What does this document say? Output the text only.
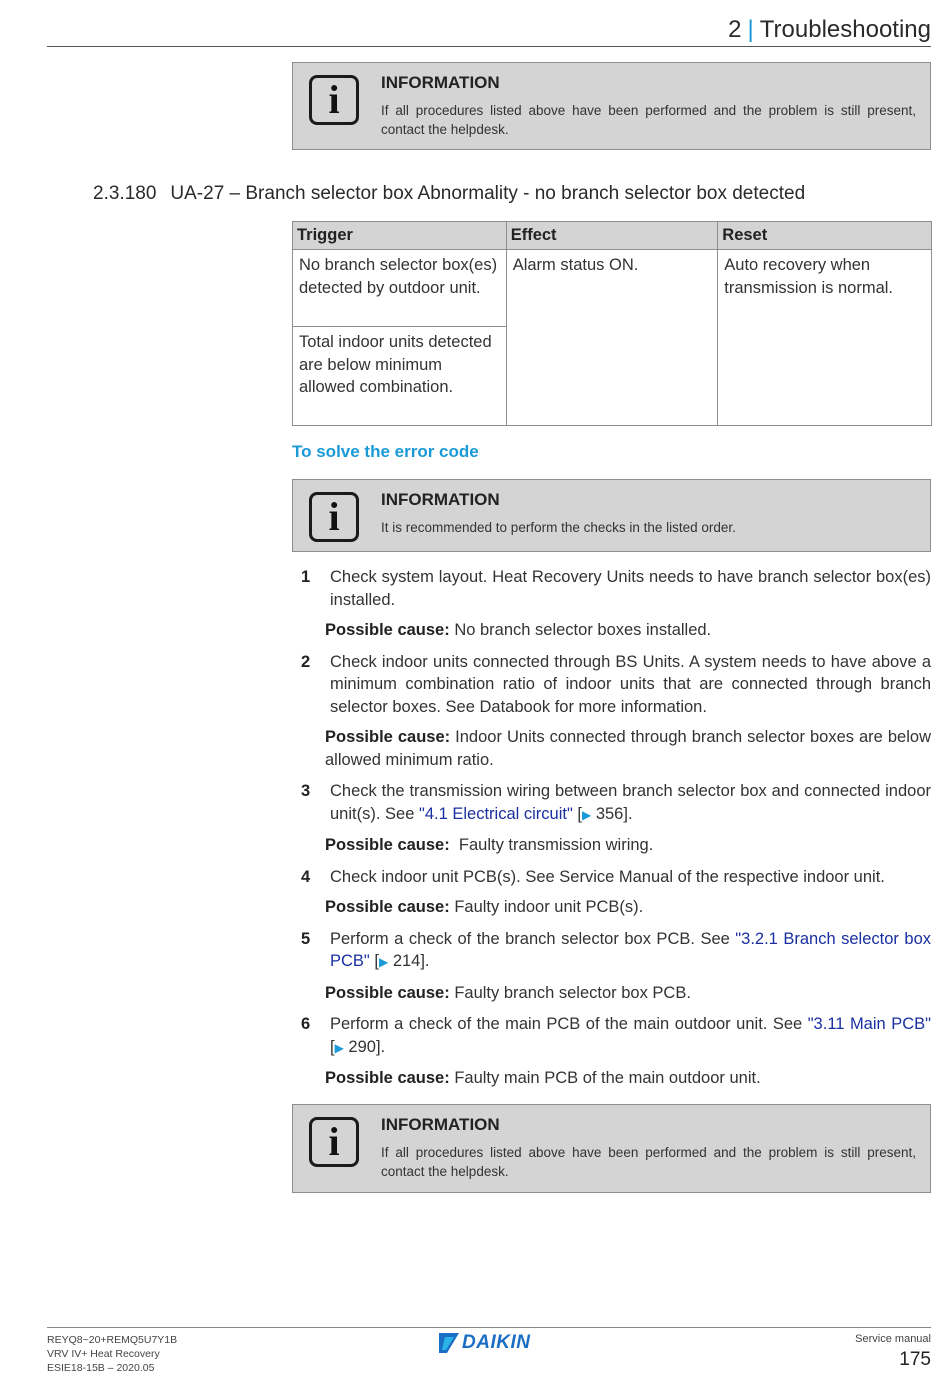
2 | Troubleshooting
i	INFORMATION
If all procedures listed above have been performed and the problem is still present, contact the helpdesk.
2.3.180 UA-27 – Branch selector box Abnormality - no branch selector box detected
Trigger	Effect	Reset
No branch selector box(es) detected by outdoor unit.	Alarm status ON.	Auto recovery when transmission is normal.
Total indoor units detected are below minimum allowed combination.		
To solve the error code
i	INFORMATION
It is recommended to perform the checks in the listed order.
1 Check system layout. Heat Recovery Units needs to have branch selector box(es) installed.
Possible cause: No branch selector boxes installed.
2 Check indoor units connected through BS Units. A system needs to have above a minimum combination ratio of indoor units that are connected through branch selector boxes. See Databook for more information.
Possible cause: Indoor Units connected through branch selector boxes are below allowed minimum ratio.
3 Check the transmission wiring between branch selector box and connected indoor unit(s). See "4.1 Electrical circuit" [▶ 356].
Possible cause: Faulty transmission wiring.
4 Check indoor unit PCB(s). See Service Manual of the respective indoor unit.
Possible cause: Faulty indoor unit PCB(s).
5 Perform a check of the branch selector box PCB. See "3.2.1 Branch selector box PCB" [▶ 214].
Possible cause: Faulty branch selector box PCB.
6 Perform a check of the main PCB of the main outdoor unit. See "3.11 Main PCB" [▶ 290].
Possible cause: Faulty main PCB of the main outdoor unit.
i	INFORMATION
If all procedures listed above have been performed and the problem is still present, contact the helpdesk.
REYQ8~20+REMQ5U7Y1B
VRV IV+ Heat Recovery
ESIE18-15B – 2020.05
DAIKIN	Service manual
175
